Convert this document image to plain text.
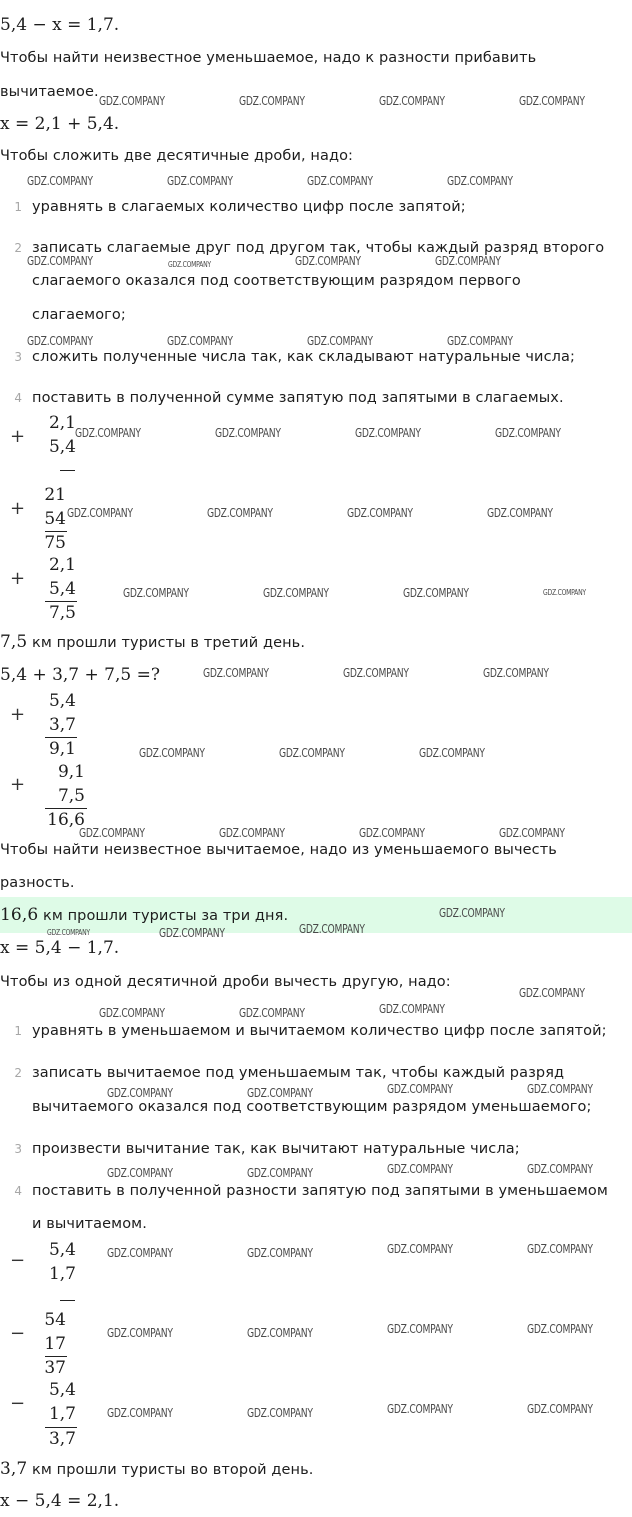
5,4 − x = 1,7.
Чтобы найти неизвестное уменьшаемое, надо к разности прибавить
вычитаемое.
x = 2,1 + 5,4.
Чтобы сложить две десятичные дроби, надо:
1 уравнять в слагаемых количество цифр после запятой;
2 записать слагаемые друг под другом так, чтобы каждый разряд второго
слагаемого оказался под соответствующим разрядом первого
слагаемого;
3 сложить полученные числа так, как складывают натуральные числа;
4 поставить в полученной сумме запятую под запятыми в слагаемых.
+
2,1
5,4
+
21
54
75
+
2,1
5,4
7,5
7,5 км прошли туристы в третий день.
5,4 + 3,7 + 7,5 =?
+
5,4
3,7
9,1
+
9,1
7,5
16,6
Чтобы найти неизвестное вычитаемое, надо из уменьшаемого вычесть
разность.
16,6 км прошли туристы за три дня.
x = 5,4 − 1,7.
Чтобы из одной десятичной дроби вычесть другую, надо:
1 уравнять в уменьшаемом и вычитаемом количество цифр после запятой;
2 записать вычитаемое под уменьшаемым так, чтобы каждый разряд
вычитаемого оказался под соответствующим разрядом уменьшаемого;
3 произвести вычитание так, как вычитают натуральные числа;
4 поставить в полученной разности запятую под запятыми в уменьшаемом
и вычитаемом.
−	5,4
1,7
−
54
17
37
−
5,4
1,7
3,7
3,7 км прошли туристы во второй день.
x − 5,4 = 2,1.
GDZ.COMPANY	GDZ.COMPANY	GDZ.COMPANY	GDZ.COMPANY
GDZ.COMPANY	GDZ.COMPANY	GDZ.COMPANY	GDZ.COMPANY
GDZ.COMPANY	GDZ.COMPANY	GDZ.COMPANY
GDZ.COMPANY	GDZ.COMPANY	GDZ.COMPANY	GDZ.COMPANY
GDZ.COMPANY	GDZ.COMPANY	GDZ.COMPANY	GDZ.COMPANY
GDZ.COMPANY	GDZ.COMPANY	GDZ.COMPANY	GDZ.COMPANY
GDZ.COMPANY	GDZ.COMPANY	GDZ.COMPANY
GDZ.COMPANY	GDZ.COMPANY	GDZ.COMPANY
GDZ.COMPANY	GDZ.COMPANY	GDZ.COMPANY
GDZ.COMPANY	GDZ.COMPANY	GDZ.COMPANY	GDZ.COMPANY
GDZ.COMPANY
GDZ.COMPANY	GDZ.COMPANY
GDZ.COMPANY
GDZ.COMPANY	GDZ.COMPANY	GDZ.COMPANY
GDZ.COMPANY	GDZ.COMPANY	GDZ.COMPANY	GDZ.COMPANY
GDZ.COMPANY	GDZ.COMPANY	GDZ.COMPANY	GDZ.COMPANY
GDZ.COMPANY	GDZ.COMPANY	GDZ.COMPANY	GDZ.COMPANY
GDZ.COMPANY	GDZ.COMPANY	GDZ.COMPANY	GDZ.COMPANY
GDZ.COMPANY	GDZ.COMPANY	GDZ.COMPANY	GDZ.COMPANY
GDZ.COMPANY
GDZ.COMPANY
GDZ.COMPANY
